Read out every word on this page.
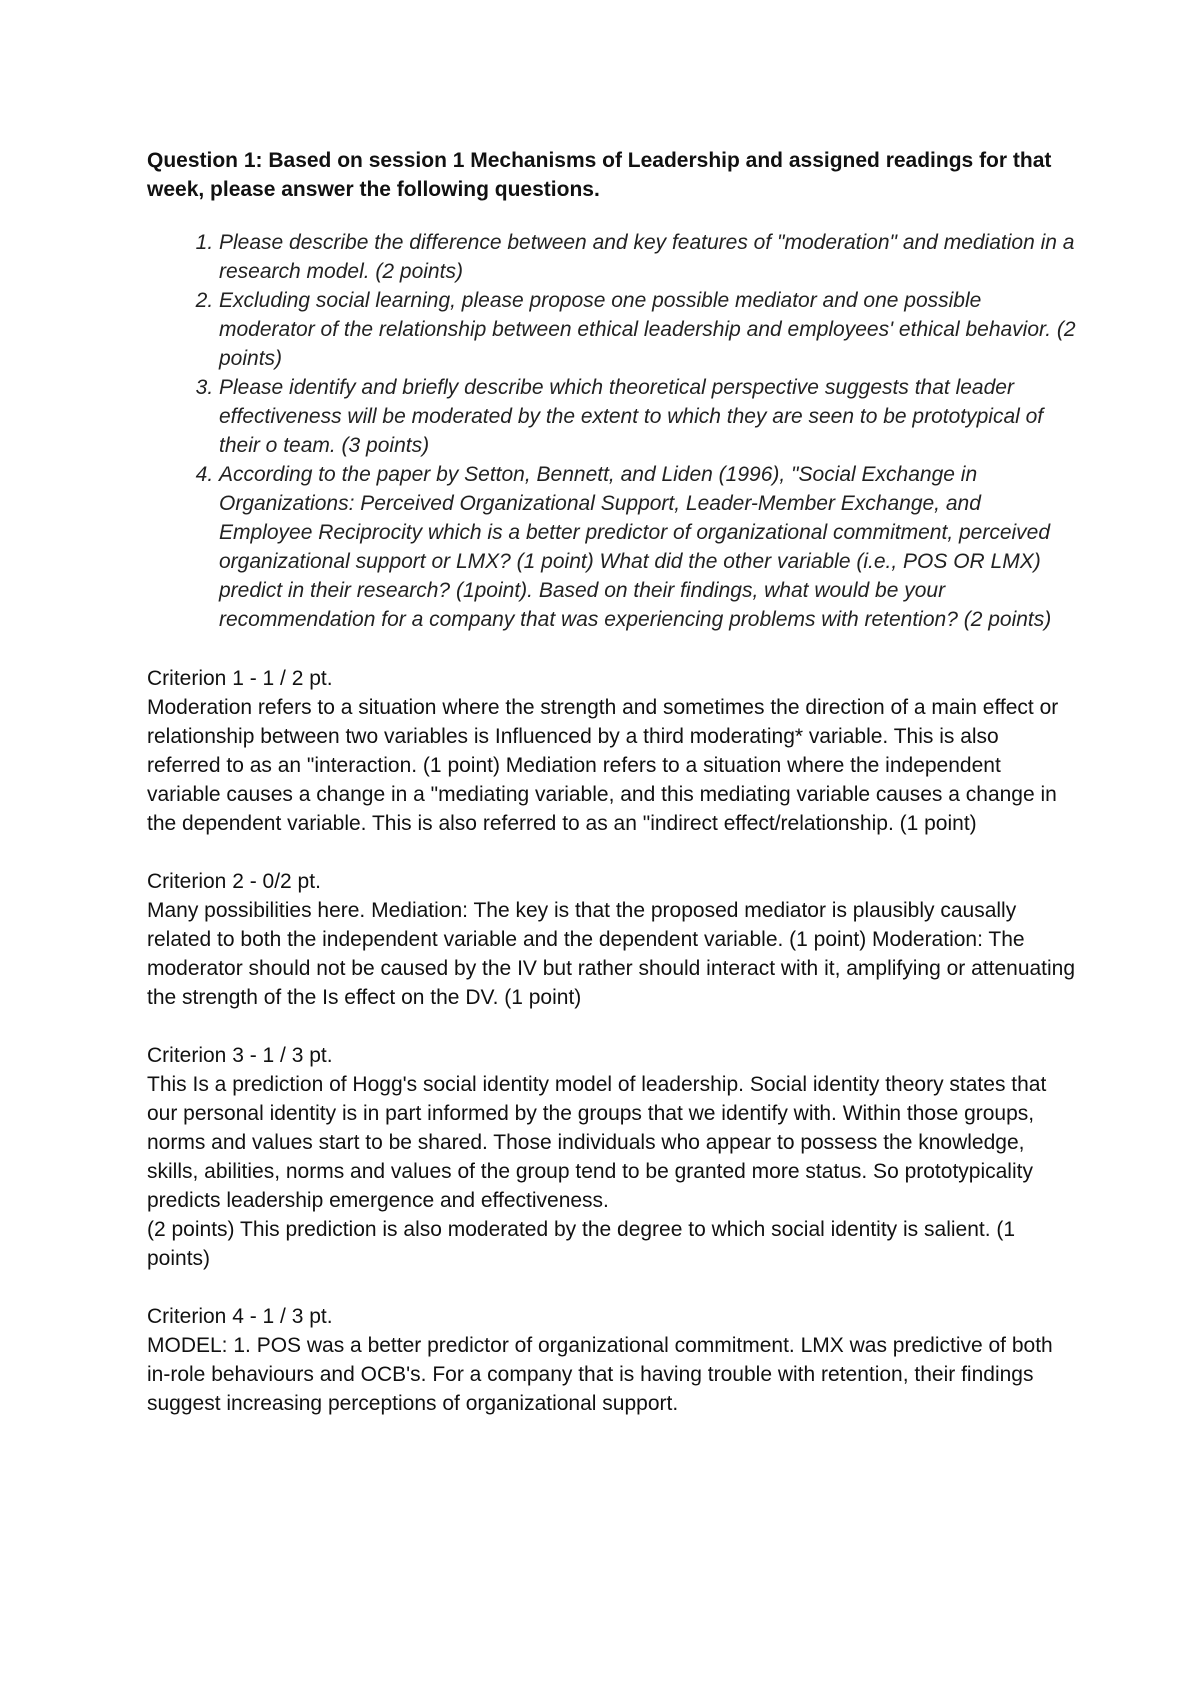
Question 1: Based on session 1 Mechanisms of Leadership and assigned readings for that week, please answer the following questions.

1. Please describe the difference between and key features of "moderation" and mediation in a research model. (2 points)
2. Excluding social learning, please propose one possible mediator and one possible moderator of the relationship between ethical leadership and employees' ethical behavior. (2 points)
3. Please identify and briefly describe which theoretical perspective suggests that leader effectiveness will be moderated by the extent to which they are seen to be prototypical of their o team. (3 points)
4. According to the paper by Setton, Bennett, and Liden (1996), "Social Exchange in Organizations: Perceived Organizational Support, Leader-Member Exchange, and Employee Reciprocity which is a better predictor of organizational commitment, perceived organizational support or LMX? (1 point) What did the other variable (i.e., POS OR LMX) predict in their research? (1point). Based on their findings, what would be your recommendation for a company that was experiencing problems with retention? (2 points)

Criterion 1 - 1 / 2 pt.

Moderation refers to a situation where the strength and sometimes the direction of a main effect or relationship between two variables is Influenced by a third moderating* variable. This is also referred to as an "interaction. (1 point) Mediation refers to a situation where the independent variable causes a change in a "mediating variable, and this mediating variable causes a change in the dependent variable. This is also referred to as an "indirect effect/relationship. (1 point)

Criterion 2 - 0/2 pt.

Many possibilities here. Mediation: The key is that the proposed mediator is plausibly causally related to both the independent variable and the dependent variable. (1 point) Moderation: The moderator should not be caused by the IV but rather should interact with it, amplifying or attenuating the strength of the Is effect on the DV. (1 point)

Criterion 3 - 1 / 3 pt.

This Is a prediction of Hogg's social identity model of leadership. Social identity theory states that our personal identity is in part informed by the groups that we identify with. Within those groups, norms and values start to be shared. Those individuals who appear to possess the knowledge, skills, abilities, norms and values of the group tend to be granted more status. So prototypicality predicts leadership emergence and effectiveness.

(2 points) This prediction is also moderated by the degree to which social identity is salient. (1 points)

Criterion 4 - 1 / 3 pt.

MODEL: 1. POS was a better predictor of organizational commitment. LMX was predictive of both in-role behaviours and OCB's. For a company that is having trouble with retention, their findings suggest increasing perceptions of organizational support.
